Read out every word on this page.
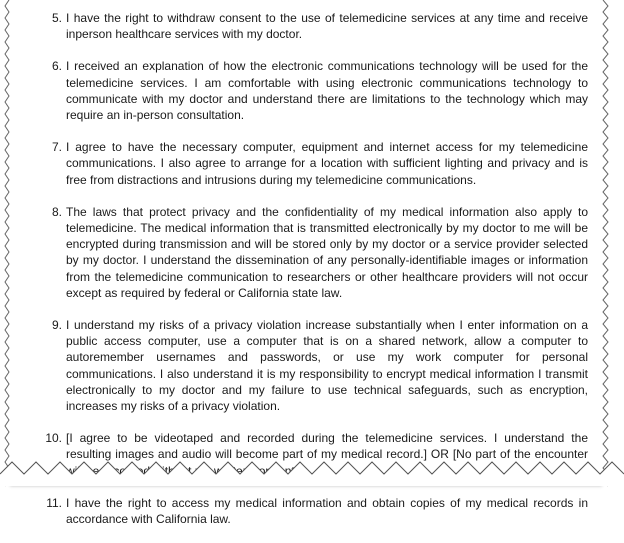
5. I have the right to withdraw consent to the use of telemedicine services at any time and receive inperson healthcare services with my doctor.
6. I received an explanation of how the electronic communications technology will be used for the telemedicine services. I am comfortable with using electronic communications technology to communicate with my doctor and understand there are limitations to the technology which may require an in-person consultation.
7. I agree to have the necessary computer, equipment and internet access for my telemedicine communications. I also agree to arrange for a location with sufficient lighting and privacy and is free from distractions and intrusions during my telemedicine communications.
8. The laws that protect privacy and the confidentiality of my medical information also apply to telemedicine. The medical information that is transmitted electronically by my doctor to me will be encrypted during transmission and will be stored only by my doctor or a service provider selected by my doctor. I understand the dissemination of any personally-identifiable images or information from the telemedicine communication to researchers or other healthcare providers will not occur except as required by federal or California state law.
9. I understand my risks of a privacy violation increase substantially when I enter information on a public access computer, use a computer that is on a shared network, allow a computer to autoremember usernames and passwords, or use my work computer for personal communications. I also understand it is my responsibility to encrypt medical information I transmit electronically to my doctor and my failure to use technical safeguards, such as encryption, increases my risks of a privacy violation.
10. [I agree to be videotaped and recorded during the telemedicine services. I understand the resulting images and audio will become part of my medical record.] OR [No part of the encounter will
11. I have the right to access my medical information and obtain copies of my medical records in accordance with California law.
